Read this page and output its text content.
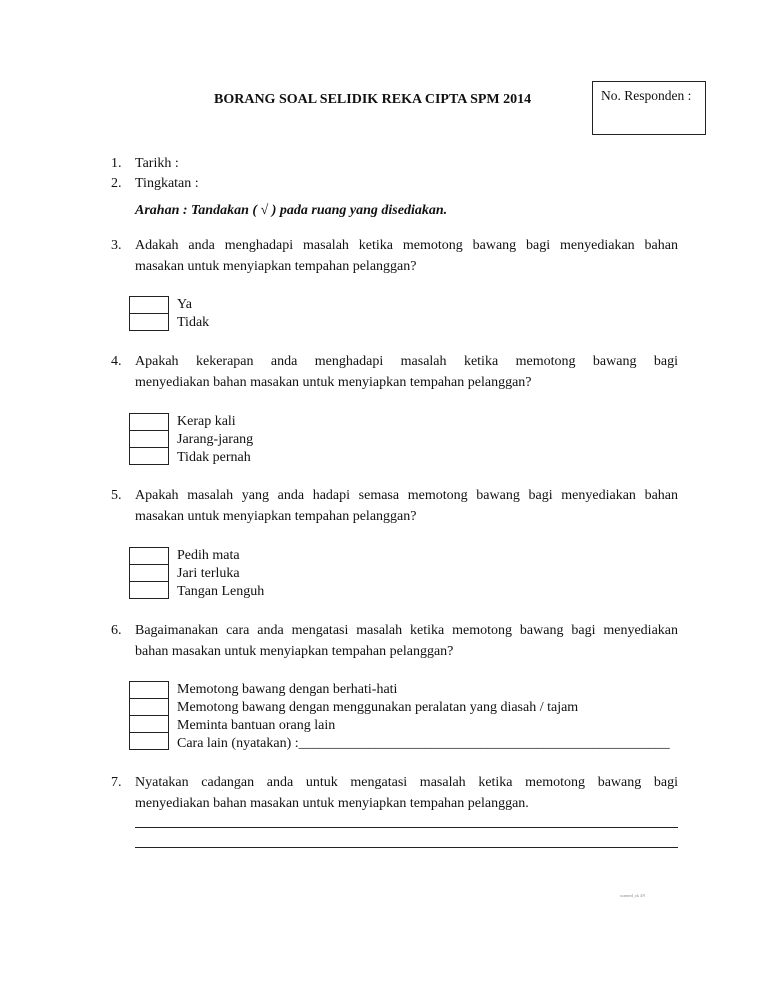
BORANG SOAL SELIDIK REKA CIPTA SPM 2014	No. Responden :
1. Tarikh :
2. Tingkatan :
Arahan : Tandakan ( √ ) pada ruang yang disediakan.
3. Adakah anda menghadapi masalah ketika memotong bawang bagi menyediakan bahan
masakan untuk menyiapkan tempahan pelanggan?
Ya
Tidak
4. Apakah kekerapan anda menghadapi masalah ketika memotong bawang bagi
menyediakan bahan masakan untuk menyiapkan tempahan pelanggan?
Kerap kali
Jarang-jarang
Tidak pernah
5. Apakah masalah yang anda hadapi semasa memotong bawang bagi menyediakan bahan
masakan untuk menyiapkan tempahan pelanggan?
Pedih mata
Jari terluka
Tangan Lenguh
6. Bagaimanakan cara anda mengatasi masalah ketika memotong bawang bagi menyediakan
bahan masakan untuk menyiapkan tempahan pelanggan?
Memotong bawang dengan berhati-hati
Memotong bawang dengan menggunakan peralatan yang diasah / tajam
Meminta bantuan orang lain
Cara lain (nyatakan) :_____________________________________________________
7. Nyatakan cadangan anda untuk mengatasi masalah ketika memotong bawang bagi
menyediakan bahan masakan untuk menyiapkan tempahan pelanggan.
scanned_ok 4/9
